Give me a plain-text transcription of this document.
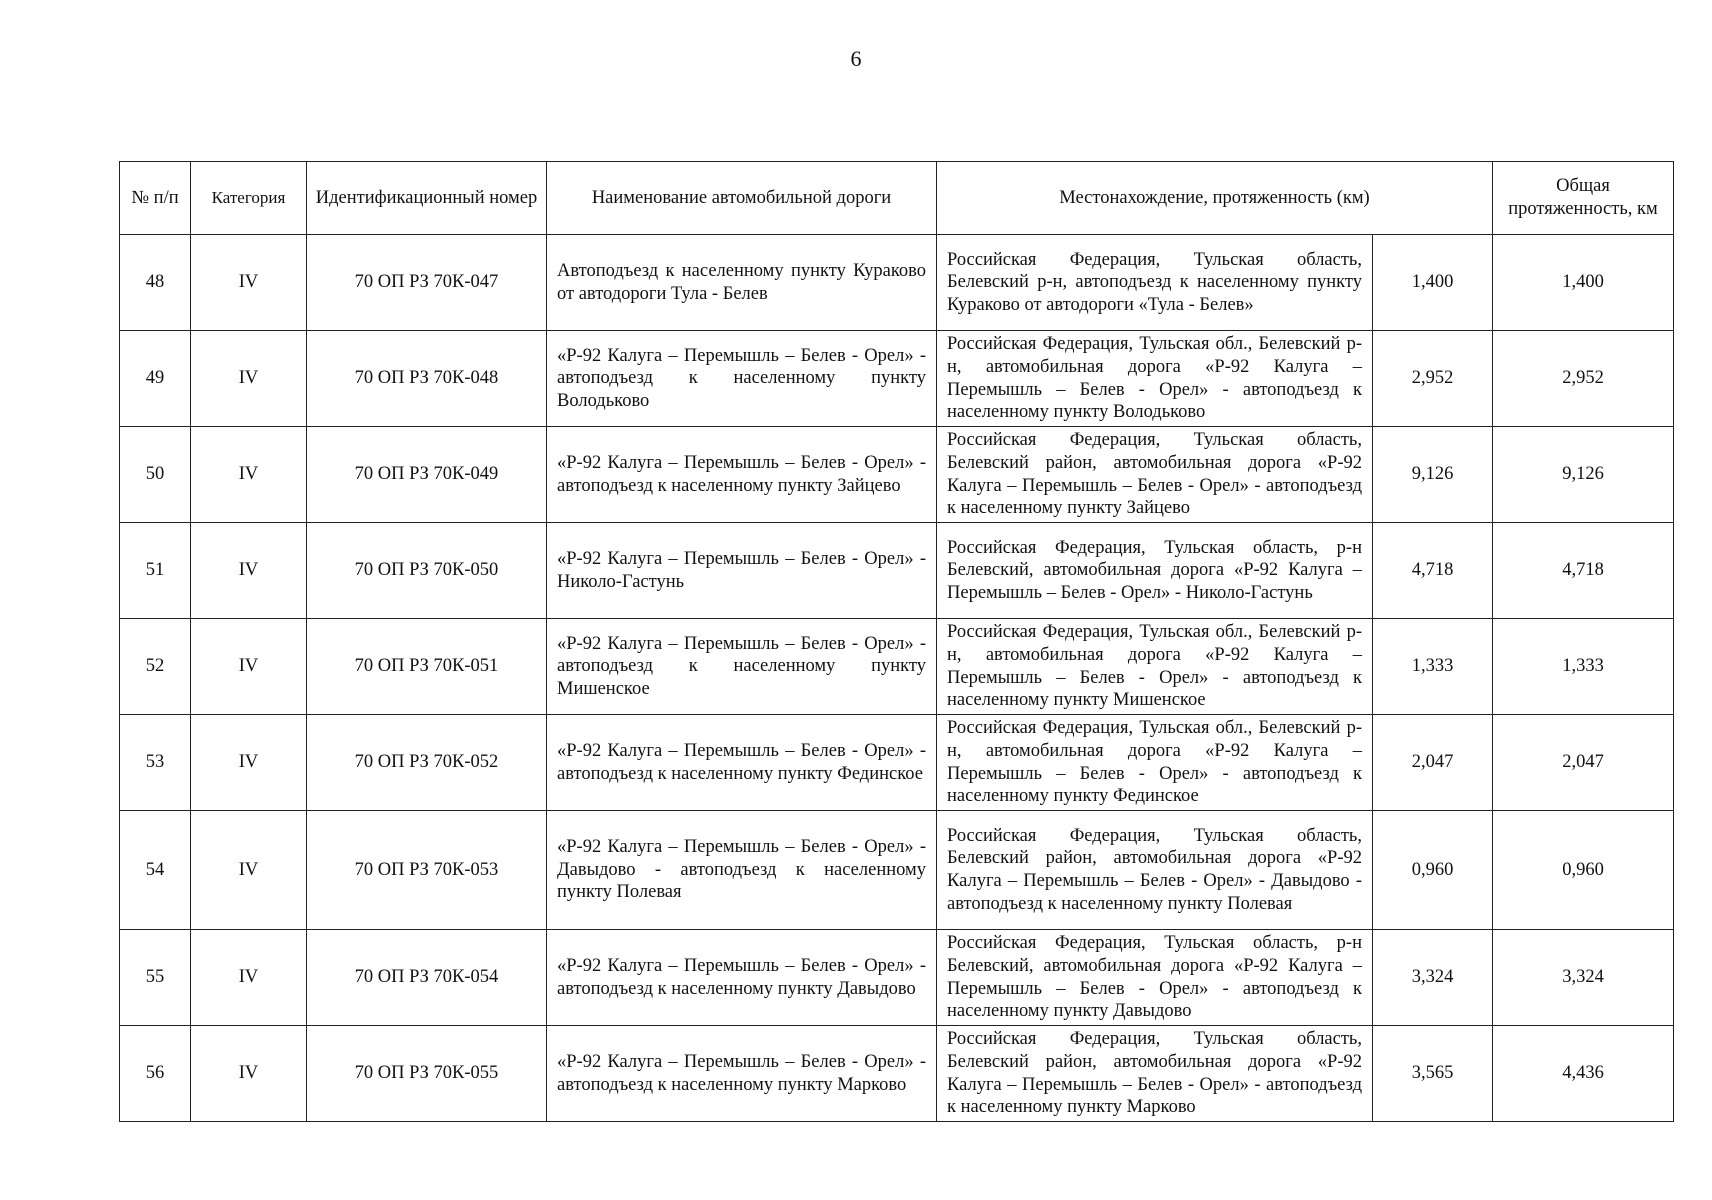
6
№ п/п	Категория	Идентификационный номер	Наименование автомобильной дороги	Местонахождение, протяженность (км)		Общая протяженность, км
48	IV	70 ОП РЗ 70К-047	Автоподъезд к населенному пункту Кураково от автодороги Тула - Белев	Российская Федерация, Тульская область, Белевский р-н, автоподъезд к населенному пункту Кураково от автодороги «Тула - Белев»	1,400	1,400
49	IV	70 ОП РЗ 70К-048	«Р-92 Калуга – Перемышль – Белев - Орел» - автоподъезд к населенному пункту Володьково	Российская Федерация, Тульская обл., Белевский р-н, автомобильная дорога «Р-92 Калуга – Перемышль – Белев - Орел» - автоподъезд к населенному пункту Володьково	2,952	2,952
50	IV	70 ОП РЗ 70К-049	«Р-92 Калуга – Перемышль – Белев - Орел» - автоподъезд к населенному пункту Зайцево	Российская Федерация, Тульская область, Белевский район, автомобильная дорога «Р-92 Калуга – Перемышль – Белев - Орел» - автоподъезд к населенному пункту Зайцево	9,126	9,126
51	IV	70 ОП РЗ 70К-050	«Р-92 Калуга – Перемышль – Белев - Орел» - Николо-Гастунь	Российская Федерация, Тульская область, р-н Белевский, автомобильная дорога «Р-92 Калуга – Перемышль – Белев - Орел» - Николо-Гастунь	4,718	4,718
52	IV	70 ОП РЗ 70К-051	«Р-92 Калуга – Перемышль – Белев - Орел» - автоподъезд к населенному пункту Мишенское	Российская Федерация, Тульская обл., Белевский р-н, автомобильная дорога «Р-92 Калуга – Перемышль – Белев - Орел» - автоподъезд к населенному пункту Мишенское	1,333	1,333
53	IV	70 ОП РЗ 70К-052	«Р-92 Калуга – Перемышль – Белев - Орел» - автоподъезд к населенному пункту Фединское	Российская Федерация, Тульская обл., Белевский р-н, автомобильная дорога «Р-92 Калуга – Перемышль – Белев - Орел» - автоподъезд к населенному пункту Фединское	2,047	2,047
54	IV	70 ОП РЗ 70К-053	«Р-92 Калуга – Перемышль – Белев - Орел» - Давыдово - автоподъезд к населенному пункту Полевая	Российская Федерация, Тульская область, Белевский район, автомобильная дорога «Р-92 Калуга – Перемышль – Белев - Орел» - Давыдово - автоподъезд к населенному пункту Полевая	0,960	0,960
55	IV	70 ОП РЗ 70К-054	«Р-92 Калуга – Перемышль – Белев - Орел» - автоподъезд к населенному пункту Давыдово	Российская Федерация, Тульская область, р-н Белевский, автомобильная дорога «Р-92 Калуга – Перемышль – Белев - Орел» - автоподъезд к населенному пункту Давыдово	3,324	3,324
56	IV	70 ОП РЗ 70К-055	«Р-92 Калуга – Перемышль – Белев - Орел» - автоподъезд к населенному пункту Марково	Российская Федерация, Тульская область, Белевский район, автомобильная дорога «Р-92 Калуга – Перемышль – Белев - Орел» - автоподъезд к населенному пункту Марково	3,565	4,436
